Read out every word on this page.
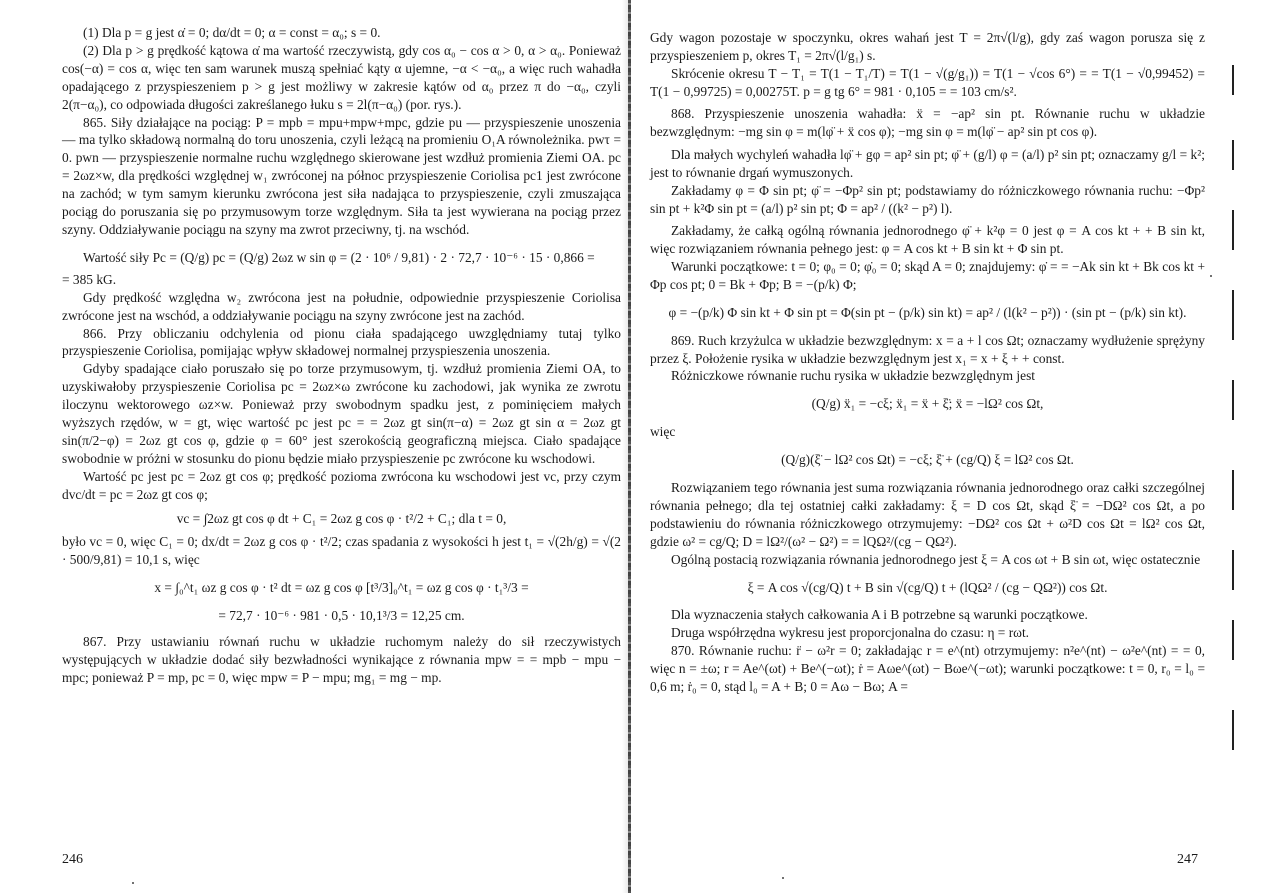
(1) Dla p = g jest α̇ = 0; dα/dt = 0; α = const = α₀; s = 0.

(2) Dla p > g prędkość kątowa α̇ ma wartość rzeczywistą, gdy cos α₀ − cos α > 0, α > α₀. Ponieważ cos(−α) = cos α, więc ten sam warunek muszą spełniać kąty α ujemne, −α < −α₀, a więc ruch wahadła opadającego z przyspieszeniem p > g jest możliwy w zakresie kątów od α₀ przez π do −α₀, czyli 2(π−α₀), co odpowiada długości zakreślanego łuku s = 2l(π−α₀) (por. rys.).

865. Siły działające na pociąg: P = mpb = mpu+mpw+mpc, gdzie pu — przyspieszenie unoszenia — ma tylko składową normalną do toru unoszenia, czyli leżącą na promieniu O₁A równoleżnika. pwτ = 0. pwn — przyspieszenie normalne ruchu względnego skierowane jest wzdłuż promienia Ziemi OA. pc = 2ωz×w, dla prędkości względnej w₁ zwróconej na północ przyspieszenie Coriolisa pc1 jest zwrócone na zachód; w tym samym kierunku zwrócona jest siła nadająca to przyspieszenie, czyli zmuszająca pociąg do poruszania się po przymusowym torze względnym. Siła ta jest wywierana na pociąg przez szyny. Oddziaływanie pociągu na szyny ma zwrot przeciwny, tj. na wschód.

Wartość siły Pc = (Q/g) pc = (Q/g) 2ωz w sin φ = (2 · 10⁶ / 9,81) · 2 · 72,7 · 10⁻⁶ · 15 · 0,866 =

= 385 kG.

Gdy prędkość względna w₂ zwrócona jest na południe, odpowiednie przyspieszenie Coriolisa zwrócone jest na wschód, a oddziaływanie pociągu na szyny zwrócone jest na zachód.

866. Przy obliczaniu odchylenia od pionu ciała spadającego uwzględniamy tutaj tylko przyspieszenie Coriolisa, pomijając wpływ składowej normalnej przyspieszenia unoszenia.

Gdyby spadające ciało poruszało się po torze przymusowym, tj. wzdłuż promienia Ziemi OA, to uzyskiwałoby przyspieszenie Coriolisa pc = 2ωz×ω zwrócone ku zachodowi, jak wynika ze zwrotu iloczynu wektorowego ωz×w. Ponieważ przy swobodnym spadku jest, z pominięciem małych wyższych rzędów, w = gt, więc wartość pc jest pc = = 2ωz gt sin(π−α) = 2ωz gt sin α = 2ωz gt sin(π/2−φ) = 2ωz gt cos φ, gdzie φ = 60° jest szerokością geograficzną miejsca. Ciało spadające swobodnie w próżni w stosunku do pionu będzie miało przyspieszenie pc zwrócone ku wschodowi.

Wartość pc jest pc = 2ωz gt cos φ; prędkość pozioma zwrócona ku wschodowi jest vc, przy czym dvc/dt = pc = 2ωz gt cos φ;

vc = ∫2ωz gt cos φ dt + C₁ = 2ωz g cos φ · t²/2 + C₁; dla t = 0,

było vc = 0, więc C₁ = 0; dx/dt = 2ωz g cos φ · t²/2; czas spadania z wysokości h jest t₁ = √(2h/g) = √(2 · 500/9,81) = 10,1 s, więc

x = ∫₀^t₁ ωz g cos φ · t² dt = ωz g cos φ [t³/3]₀^t₁ = ωz g cos φ · t₁³/3 =

= 72,7 · 10⁻⁶ · 981 · 0,5 · 10,1³/3 = 12,25 cm.

867. Przy ustawianiu równań ruchu w układzie ruchomym należy do sił rzeczywistych występujących w układzie dodać siły bezwładności wynikające z równania mpw = = mpb − mpu − mpc; ponieważ P = mp, pc = 0, więc mpw = P − mpu; mg₁ = mg − mp.

246

Gdy wagon pozostaje w spoczynku, okres wahań jest T = 2π√(l/g), gdy zaś wagon porusza się z przyspieszeniem p, okres T₁ = 2π√(l/g₁) s.

Skrócenie okresu T − T₁ = T(1 − T₁/T) = T(1 − √(g/g₁)) = T(1 − √cos 6°) = = T(1 − √0,99452) = T(1 − 0,99725) = 0,00275T. p = g tg 6° = 981 · 0,105 = = 103 cm/s².

868. Przyspieszenie unoszenia wahadła: ẍ = −ap² sin pt. Równanie ruchu w układzie bezwzględnym: −mg sin φ = m(lφ̈ + ẍ cos φ); −mg sin φ = m(lφ̈ − ap² sin pt cos φ).

Dla małych wychyleń wahadła lφ̈ + gφ = ap² sin pt; φ̈ + (g/l) φ = (a/l) p² sin pt; oznaczamy g/l = k²; jest to równanie drgań wymuszonych.

Zakładamy φ = Φ sin pt; φ̈ = −Φp² sin pt; podstawiamy do różniczkowego równania ruchu: −Φp² sin pt + k²Φ sin pt = (a/l) p² sin pt; Φ = ap² / ((k² − p²) l).

Zakładamy, że całką ogólną równania jednorodnego φ̈ + k²φ = 0 jest φ = A cos kt + + B sin kt, więc rozwiązaniem równania pełnego jest: φ = A cos kt + B sin kt + Φ sin pt.

Warunki początkowe: t = 0; φ₀ = 0; φ̇₀ = 0; skąd A = 0; znajdujemy: φ̇ = = −Ak sin kt + Bk cos kt + Φp cos pt; 0 = Bk + Φp; B = −(p/k) Φ;

φ = −(p/k) Φ sin kt + Φ sin pt = Φ(sin pt − (p/k) sin kt) = ap² / (l(k² − p²)) · (sin pt − (p/k) sin kt).

869. Ruch krzyżulca w układzie bezwzględnym: x = a + l cos Ωt; oznaczamy wydłużenie sprężyny przez ξ. Położenie rysika w układzie bezwzględnym jest x₁ = x + ξ + + const.

Różniczkowe równanie ruchu rysika w układzie bezwzględnym jest

(Q/g) ẍ₁ = −cξ; ẍ₁ = ẍ + ξ̈; ẍ = −lΩ² cos Ωt,

więc

(Q/g)(ξ̈ − lΩ² cos Ωt) = −cξ; ξ̈ + (cg/Q) ξ = lΩ² cos Ωt.

Rozwiązaniem tego równania jest suma rozwiązania równania jednorodnego oraz całki szczególnej równania pełnego; dla tej ostatniej całki zakładamy: ξ = D cos Ωt, skąd ξ̈ = −DΩ² cos Ωt, a po podstawieniu do równania różniczkowego otrzymujemy: −DΩ² cos Ωt + ω²D cos Ωt = lΩ² cos Ωt, gdzie ω² = cg/Q; D = lΩ²/(ω² − Ω²) = = lQΩ²/(cg − QΩ²).

Ogólną postacią rozwiązania równania jednorodnego jest ξ = A cos ωt + B sin ωt, więc ostatecznie

ξ = A cos √(cg/Q) t + B sin √(cg/Q) t + (lQΩ² / (cg − QΩ²)) cos Ωt.

Dla wyznaczenia stałych całkowania A i B potrzebne są warunki początkowe.

Druga współrzędna wykresu jest proporcjonalna do czasu: η = rωt.

870. Równanie ruchu: r̈ − ω²r = 0; zakładając r = e^(nt) otrzymujemy: n²e^(nt) − ω²e^(nt) = = 0, więc n = ±ω; r = Ae^(ωt) + Be^(−ωt); ṙ = Aωe^(ωt) − Bωe^(−ωt); warunki początkowe: t = 0, r₀ = l₀ = 0,6 m; ṙ₀ = 0, stąd l₀ = A + B; 0 = Aω − Bω; A =

247
